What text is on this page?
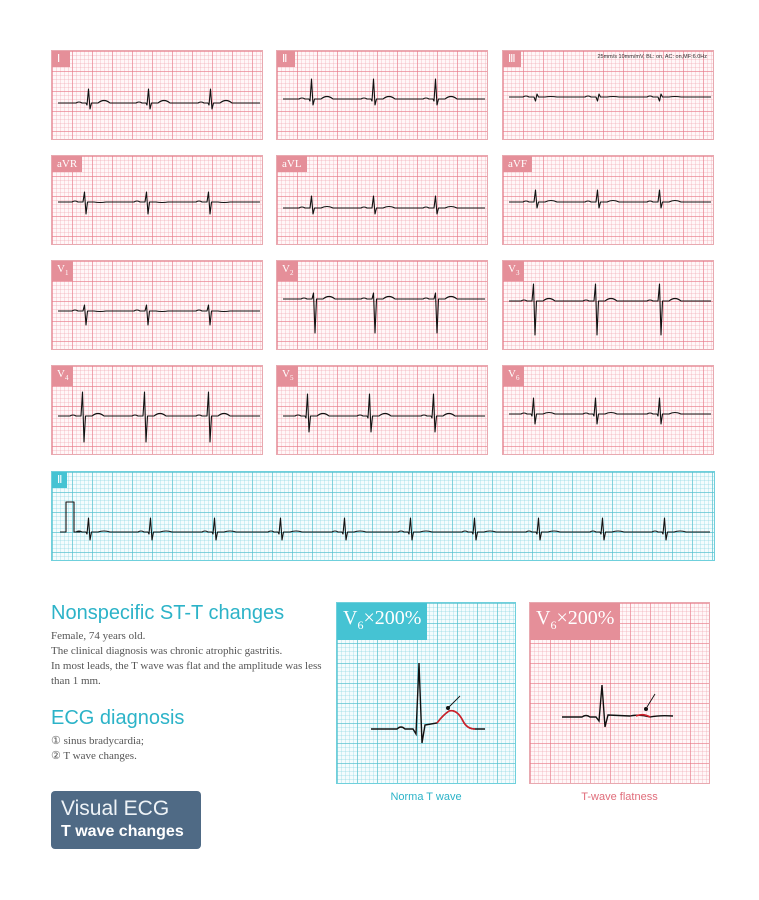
Ⅰ	Ⅱ	Ⅲ	25mm/s 10mm/mV, BL: on, AC: on,MF:6.0Hz
aVR	aVL	aVF
$V_1$	$V_2$	$V_3$
$V_4$	$V_5$	$V_6$
Ⅱ
Nonspecific ST-T changes
Female, 74 years old.
The clinical diagnosis was chronic atrophic gastritis.
In most leads, the T wave was flat and the amplitude was less than 1 mm.
ECG diagnosis
① sinus bradycardia;
② T wave changes.
Visual ECG
T wave changes
$V_6\times 200\%$	$V_6\times 200\%$
Norma T wave	T-wave flatness
